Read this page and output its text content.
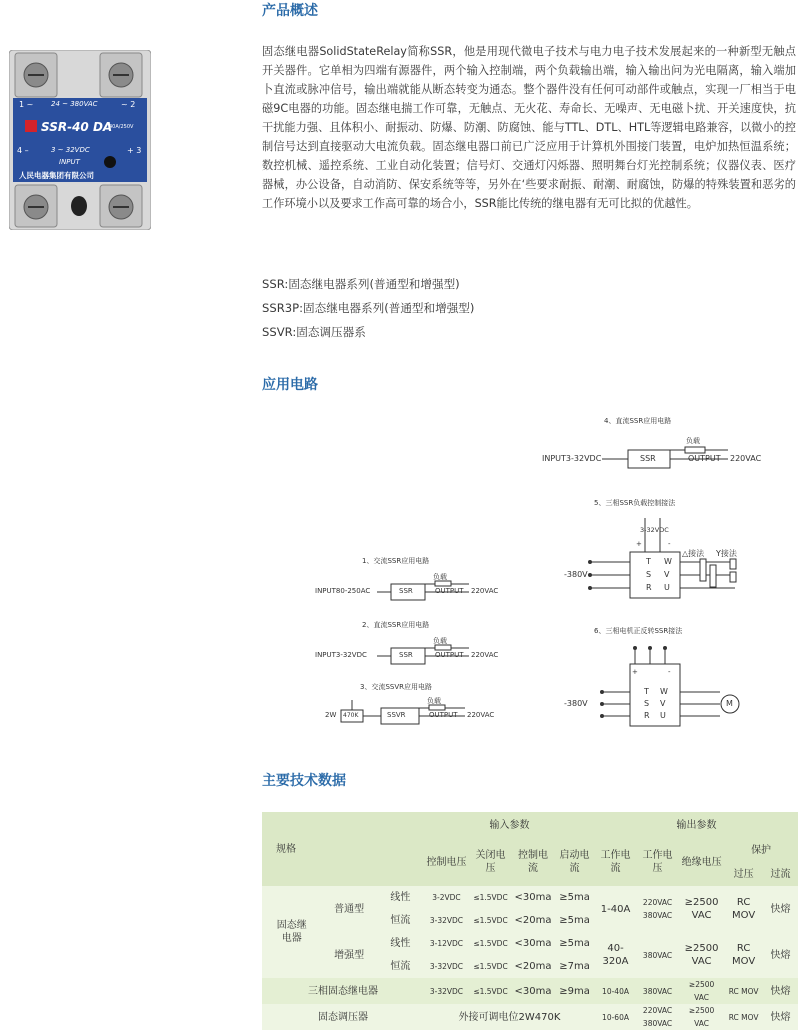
1 ~	24 ~ 380VAC	~ 2
SSR-40 DA
40A/250V
4 –	3 ~ 32VDC	+ 3
INPUT
人民电器集团有限公司
产品概述

固态继电器SolidStateRelay简称SSR，他是用现代微电子技术与电力电子技术发展起来的一种新型无触点开关器件。它单相为四端有源器件，两个输入控制端，两个负载输出端，输入输出问为光电隔离，输入端加卜直流或脉冲信号，输出端就能从断态转变为通态。整个器件没有任何可动部件或触点，实现一厂相当于电磁9C电器的功能。固态继电揣工作可靠，无触点、无火花、寿命长、无噪声、无电磁卜扰、开关速度快，抗干扰能力强、且体积小、耐振动、防爆、防潮、防腐蚀、能与TTL、DTL、HTL等逻辑电路兼容，以微小的控制信号达到直接驱动大电流负载。固态继电器口前已广泛应用于计算机外围接门装置，电炉加热恒温系统；数控机械、遥控系统、工业自动化装置；信号灯、交通灯闪烁器、照明舞台灯光控制系统；仪器仪表、医疗器械，办公设备，自动消防、保安系统等等，另外在‘些要求耐振、耐潮、耐腐蚀，防爆的特殊装置和恶劣的工作环境小以及要求工作高可靠的场合小，SSR能比传统的继电器有无可比拟的优越性。

SSR:固态继电器系列(普通型和增强型)
SSR3P:固态继电器系列(普通型和增强型)
SSVR:固态调压器系
应用电路
4、直流SSR应用电路
INPUT3-32VDC	SSR
负载
OUTPUT 220VAC
5、三相SSR负载控制接法
3-32VDC
+	-
△接法 Y接法
-380V
T
S
R
W
V
U
1、交流SSR应用电路
INPUT80-250AC	SSR
负载
OUTPUT 220VAC
2、直流SSR应用电路
INPUT3-32VDC	SSR
负载
OUTPUT 220VAC
3、交流SSVR应用电路
2W 470K	SSVR
负载
OUTPUT 220VAC
6、三相电机正反转SSR接法
+	-
-380V
T
S
R
W
V
U
M
主要技术数据
规格			输入参数				输出参数				
			控制电压	关闭电压	控制电流	启动电流	工作电流	工作电压	绝缘电压	保护	
										过压	过流
固态继电器	普通型	线性	3-2VDC	≤1.5VDC	<30ma	≥5ma	1-40A	220VAC 380VAC	≥2500 VAC	RC MOV	快熔
		恒流	3-32VDC	≤1.5VDC	<20ma	≥5ma					
	增强型	线性	3-12VDC	≤1.5VDC	<30ma	≥5ma	40-320A	380VAC	≥2500 VAC	RC MOV	快熔
		恒流	3-32VDC	≤1.5VDC	<20ma	≥7ma					
三相固态继电器			3-32VDC	≤1.5VDC	<30ma	≥9ma	10-40A	380VAC	≥2500 VAC	RC MOV	快熔
固态调压器			外接可调电位2W470K				10-60A	220VAC 380VAC	≥2500 VAC	RC MOV	快熔
